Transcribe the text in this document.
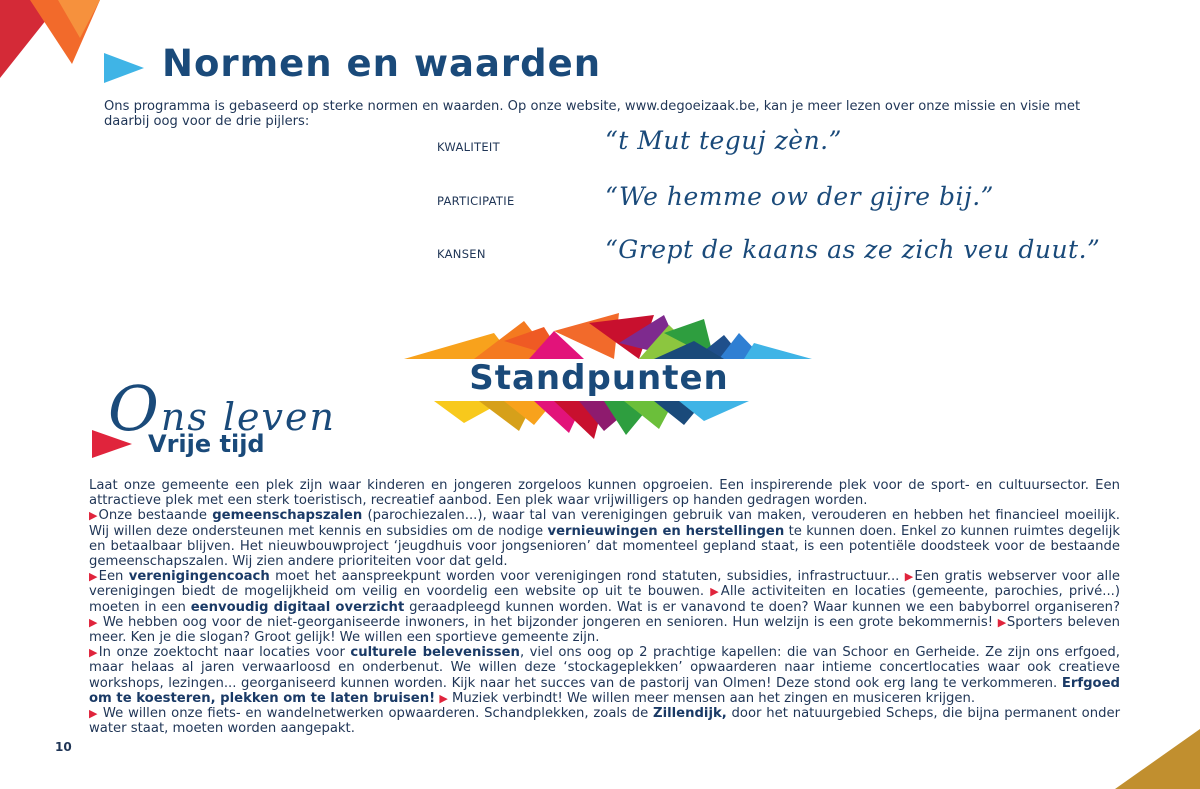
Normen en waarden

Ons programma is gebaseerd op sterke normen en waarden. Op onze website, www.degoeizaak.be, kan je meer lezen over onze missie en visie met daarbij oog voor de drie pijlers:

KWALITEIT	“t Mut teguj zèn.”
PARTICIPATIE	“We hemme ow der gijre bij.”
KANSEN	“Grept de kaans as ze zich veu duut.”
Standpunten
Ons leven
Vrije tijd

Laat onze gemeente een plek zijn waar kinderen en jongeren zorgeloos kunnen opgroeien. Een inspirerende plek voor de sport- en cultuursector. Een attractieve plek met een sterk toeristisch, recreatief aanbod. Een plek waar vrijwilligers op handen gedragen worden.

▶Onze bestaande gemeenschapszalen (parochiezalen...), waar tal van verenigingen gebruik van maken, verouderen en hebben het financieel moeilijk. Wij willen deze ondersteunen met kennis en subsidies om de nodige vernieuwingen en herstellingen te kunnen doen. Enkel zo kunnen ruimtes degelijk en betaalbaar blijven. Het nieuwbouwproject ‘jeugdhuis voor jongsenioren’ dat momenteel gepland staat, is een potentiële doodsteek voor de bestaande gemeenschapszalen. Wij zien andere prioriteiten voor dat geld.

▶Een verenigingencoach moet het aanspreekpunt worden voor verenigingen rond statuten, subsidies, infrastructuur... ▶Een gratis webserver voor alle verenigingen biedt de mogelijkheid om veilig en voordelig een website op uit te bouwen. ▶Alle activiteiten en locaties (gemeente, parochies, privé...) moeten in een eenvoudig digitaal overzicht geraadpleegd kunnen worden. Wat is er vanavond te doen? Waar kunnen we een babyborrel organiseren? ▶ We hebben oog voor de niet-georganiseerde inwoners, in het bijzonder jongeren en senioren. Hun welzijn is een grote bekommernis! ▶Sporters beleven meer. Ken je die slogan? Groot gelijk! We willen een sportieve gemeente zijn.

▶In onze zoektocht naar locaties voor culturele belevenissen, viel ons oog op 2 prachtige kapellen: die van Schoor en Gerheide. Ze zijn ons erfgoed, maar helaas al jaren verwaarloosd en onderbenut. We willen deze ‘stockageplekken’ opwaarderen naar intieme concertlocaties waar ook creatieve workshops, lezingen... georganiseerd kunnen worden. Kijk naar het succes van de pastorij van Olmen! Deze stond ook erg lang te verkommeren. Erfgoed om te koesteren, plekken om te laten bruisen! ▶ Muziek verbindt! We willen meer mensen aan het zingen en musiceren krijgen.

▶ We willen onze fiets- en wandelnetwerken opwaarderen. Schandplekken, zoals de Zillendijk, door het natuurgebied Scheps, die bijna permanent onder water staat, moeten worden aangepakt.

10
